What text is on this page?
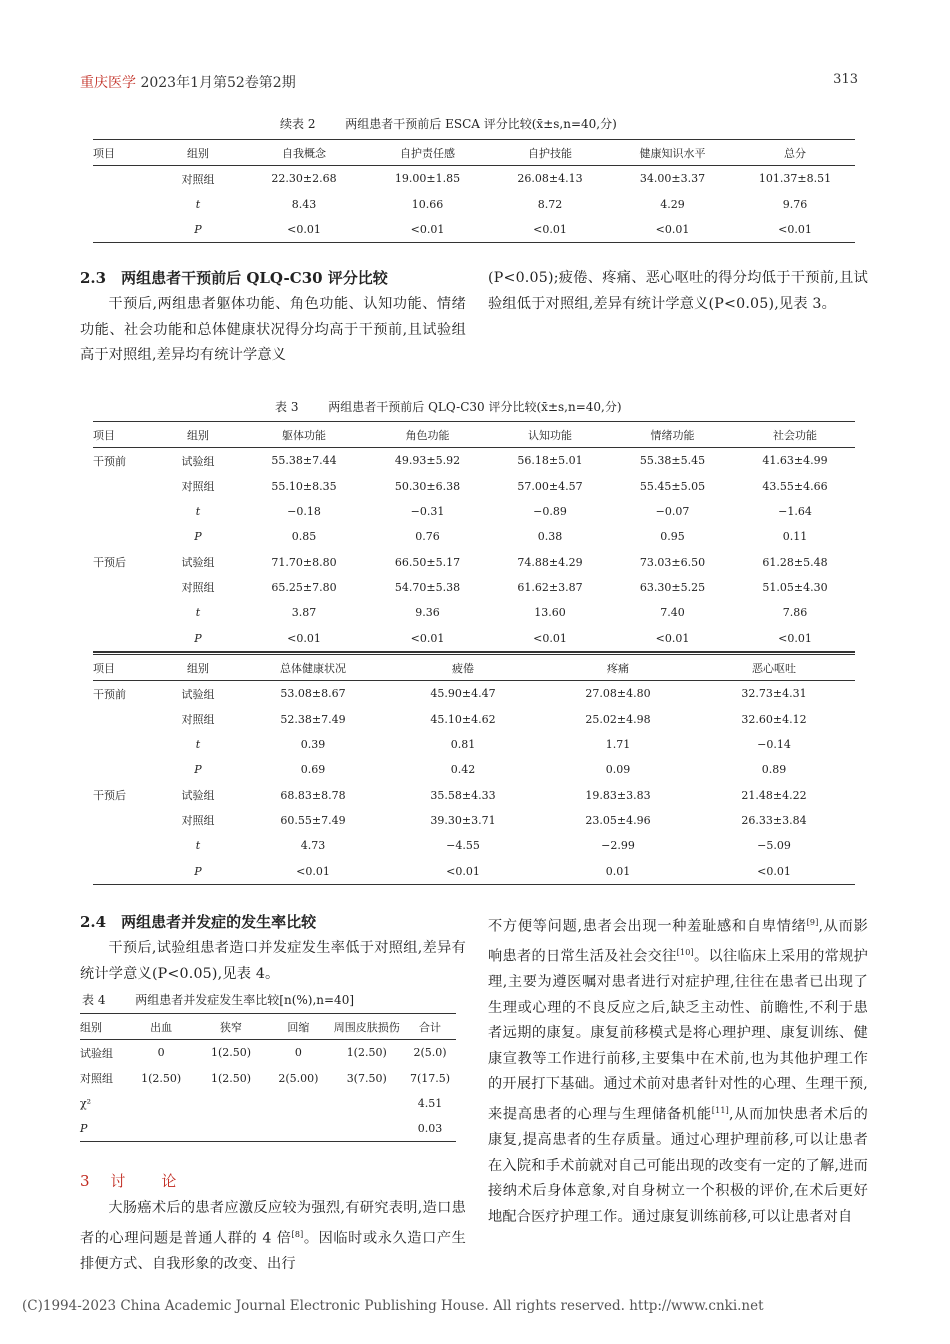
重庆医学 2023年1月第52卷第2期	313
续表 2 两组患者干预前后 ESCA 评分比较(x̄±s,n=40,分)
项目	组别	自我概念	自护责任感	自护技能	健康知识水平	总分
	对照组	22.30±2.68	19.00±1.85	26.08±4.13	34.00±3.37	101.37±8.51
	t	8.43	10.66	8.72	4.29	9.76
	P	<0.01	<0.01	<0.01	<0.01	<0.01
2.3　两组患者干预前后 QLQ-C30 评分比较

干预后,两组患者躯体功能、角色功能、认知功能、情绪功能、社会功能和总体健康状况得分均高于干预前,且试验组高于对照组,差异均有统计学意义

(P<0.05);疲倦、疼痛、恶心呕吐的得分均低于干预前,且试验组低于对照组,差异有统计学意义(P<0.05),见表 3。

表 3 两组患者干预前后 QLQ-C30 评分比较(x̄±s,n=40,分)
项目	组别	躯体功能	角色功能	认知功能	情绪功能	社会功能
干预前	试验组	55.38±7.44	49.93±5.92	56.18±5.01	55.38±5.45	41.63±4.99
	对照组	55.10±8.35	50.30±6.38	57.00±4.57	55.45±5.05	43.55±4.66
	t	−0.18	−0.31	−0.89	−0.07	−1.64
	P	0.85	0.76	0.38	0.95	0.11
干预后	试验组	71.70±8.80	66.50±5.17	74.88±4.29	73.03±6.50	61.28±5.48
	对照组	65.25±7.80	54.70±5.38	61.62±3.87	63.30±5.25	51.05±4.30
	t	3.87	9.36	13.60	7.40	7.86
	P	<0.01	<0.01	<0.01	<0.01	<0.01
项目	组别	总体健康状况	疲倦	疼痛	恶心呕吐
干预前	试验组	53.08±8.67	45.90±4.47	27.08±4.80	32.73±4.31
	对照组	52.38±7.49	45.10±4.62	25.02±4.98	32.60±4.12
	t	0.39	0.81	1.71	−0.14
	P	0.69	0.42	0.09	0.89
干预后	试验组	68.83±8.78	35.58±4.33	19.83±3.83	21.48±4.22
	对照组	60.55±7.49	39.30±3.71	23.05±4.96	26.33±3.84
	t	4.73	−4.55	−2.99	−5.09
	P	<0.01	<0.01	0.01	<0.01
2.4　两组患者并发症的发生率比较

干预后,试验组患者造口并发症发生率低于对照组,差异有统计学意义(P<0.05),见表 4。

表 4 两组患者并发症发生率比较[n(%),n=40]
组别	出血	狭窄	回缩	周围皮肤损伤	合计
试验组	0	1(2.50)	0	1(2.50)	2(5.0)
对照组	1(2.50)	1(2.50)	2(5.00)	3(7.50)	7(17.5)
χ²					4.51
P					0.03
3 讨　　论

大肠癌术后的患者应激反应较为强烈,有研究表明,造口患者的心理问题是普通人群的 4 倍[8]。因临时或永久造口产生排便方式、自我形象的改变、出行

不方便等问题,患者会出现一种羞耻感和自卑情绪[9],从而影响患者的日常生活及社会交往[10]。以往临床上采用的常规护理,主要为遵医嘱对患者进行对症护理,往往在患者已出现了生理或心理的不良反应之后,缺乏主动性、前瞻性,不利于患者远期的康复。康复前移模式是将心理护理、康复训练、健康宣教等工作进行前移,主要集中在术前,也为其他护理工作的开展打下基础。通过术前对患者针对性的心理、生理干预,来提高患者的心理与生理储备机能[11],从而加快患者术后的康复,提高患者的生存质量。通过心理护理前移,可以让患者在入院和手术前就对自己可能出现的改变有一定的了解,进而接纳术后身体意象,对自身树立一个积极的评价,在术后更好地配合医疗护理工作。通过康复训练前移,可以让患者对自

(C)1994-2023 China Academic Journal Electronic Publishing House. All rights reserved. http://www.cnki.net
